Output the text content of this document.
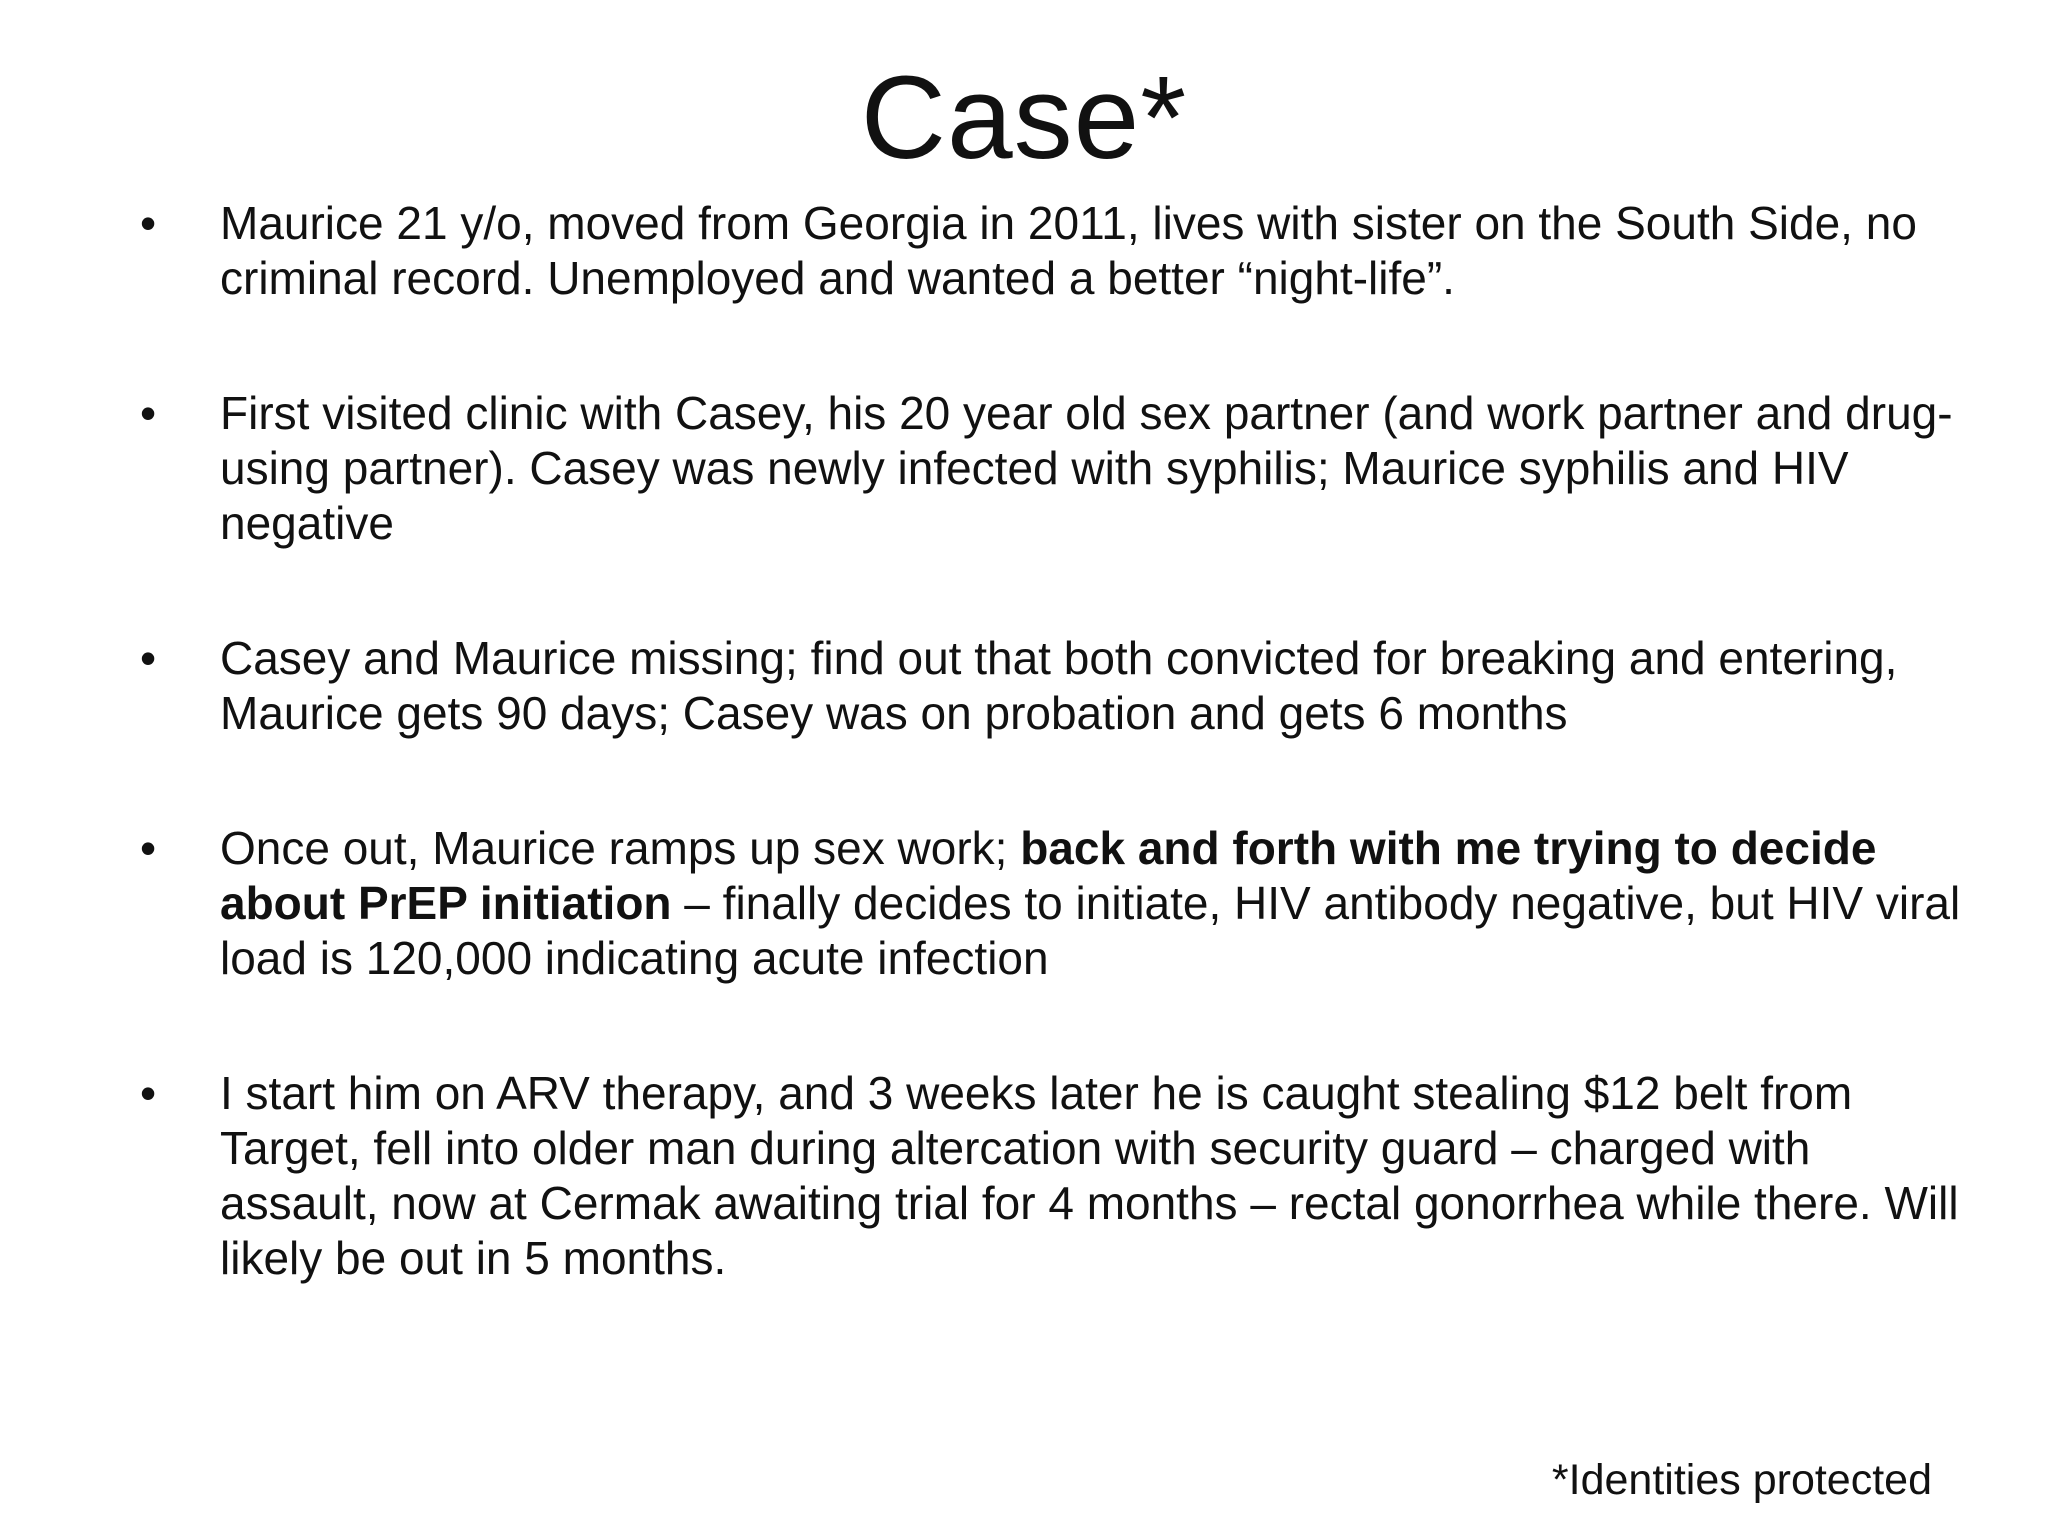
Case*
•	Maurice 21 y/o, moved from Georgia in 2011, lives with sister on the South Side, no criminal record. Unemployed and wanted a better “night-life”.
•	First visited clinic with Casey, his 20 year old sex partner (and work partner and drug-using partner). Casey was newly infected with syphilis; Maurice syphilis and HIV negative
•	Casey and Maurice missing; find out that both convicted for breaking and entering, Maurice gets 90 days; Casey was on probation and gets 6 months
•	Once out, Maurice ramps up sex work; back and forth with me trying to decide about PrEP initiation – finally decides to initiate, HIV antibody negative, but HIV viral load is 120,000 indicating acute infection
•	I start him on ARV therapy, and 3 weeks later he is caught stealing $12 belt from Target, fell into older man during altercation with security guard – charged with assault, now at Cermak awaiting trial for 4 months – rectal gonorrhea while there. Will likely be out in 5 months.
*Identities protected
